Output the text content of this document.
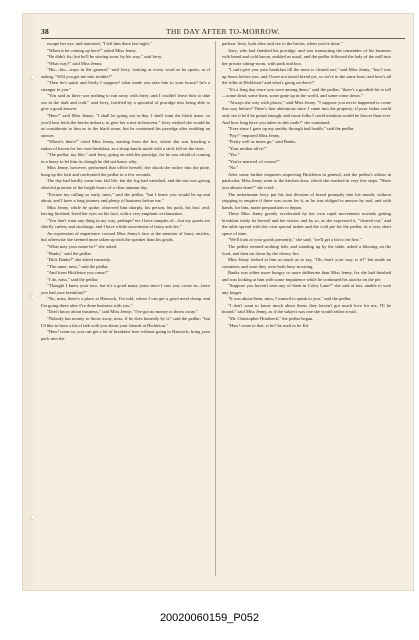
38	THE DAY AFTER TO-MORROW.

escape her eye, and muttered, "I left him there last night."

"When is he coming up here?" asked Miss Jenny.

"He didn't fix; but he'll be stirring soon, by his way," said Jerry.

"What way?" said Miss Jenny.

"His—his—ways in the general," said Jerry, looking at every word as he spoke, as if asking, "Will you get me into trouble?"

"Then he's quick and lively I suppose? what made you take him to your house? he's a stranger to you."

"You said as there was nothing to run away with there, and I couldn't leave him to take out in the dark and cold," said Jerry, fortified by a spoonful of porridge into being able to give a good answer.

"Haw!" said Miss Jenny; "I shall be going out to-day. I shall want the black mare, so you'd best fetch the bricks indoors, to give her a rest in between." Jerry wished she would be as considerate to him as to the black mare, but he continued his porridge after nodding an answer.

"Where's there?" cried Miss Jenny, starting from the fire, where she was frizzling a rasher of bacon for her own breakfast, as a sharp knock made with a stick fell on the door.

"The pedlar, my like," said Jerry, going on with his porridge, for he was afraid of coming in a hurry to let him in, though he did not know why.

Miss Jenny, however, performed that office herself; she shook the racker into the plate, hung up the fork and confronted the pedlar in a few seconds.

The day had hardly come into full life, but the fog had vanished, and the sun was giving cheerful promise of the bright hours of a clear autumn day.

"Excuse my calling so early, miss," said the pedlar, "but I knew you would be up and about, and I have a long journey and plenty of business before me."

Miss Jenny, while he spoke, observed him sharply, his person, his pack, his box; and, having finished, fixed her eyes on his face, with a very emphatic exclamation.

"You don't want any thing in my way, perhaps? tea I have samples of—but my goods are chiefly cutlery and stockings, and I have a little assortment of fancy articles."

An expression of impatience crossed Miss Jenny's face at the mention of fancy articles, but otherwise she seemed more taken up with the speaker than his goods.

"What may your name be?" she asked.

"Banks," said the pedlar.

"Dick Banks?" she asked earnestly.

"The same, miss," said the pedlar.

"And from Hickleton you come?"

"I do, miss," said the pedlar.

"Thought I knew your face, but it's a good many years since I saw you; come in—have you had your breakfast?"

"No, miss; there's a place at Hancock, I'm told, where I can get a good meal cheap, and I'm going there after I've done business with you."

"Don't know about business," said Miss Jenny; "I've got no money to throw away."

"Nobody has money to throw away, miss, if he does honestly by it," said the pedlar; "but I'd like to have a bit of talk with you about your friends at Hickleton."

"Haw! come in, you can get a bit of breakfast here without going to Hancock; bring your pack into the

parlour. Jerry, look alive and see to the bricks, when you've done."

Jerry, who had finished his porridge, and was transacting the remainder of his business with bread and cold bacon, nodded as usual, and the pedlar followed the lady of the mill into her private sitting-room, with pack and box.

"I can't give you your breakfast till the mess is cleared out," said Miss Jenny; "but I was up hours before you, and I have not tasted bread yet, so we're in the same boat; and how's all the folks at Hickleton? and what's going on there?"

"It's a long day since you were among them," said the pedlar; "there's a goodish bit to tell—some dead, some born, some gone up in the world, and some come down."

"Always the way with places," said Miss Jenny. "I suppose you never happened to come this way before? There's fine alterations since I came into the property; if poor father could only see it he'd be proud enough, and some folks I could mention would be fiercer than ever. And how long have you taken to this trade?" she continued.

"Ever since I gave up my smithy through bad health," said the pedlar.

"Pay?" enquired Miss Jenny.

"Pretty well as times go," said Banks.

"Your mother alive?"

"Yes."

"You're married, of course?"

"No."

After some further enquiries respecting Hickleton in general, and the pedlar's affairs in particular, Miss Jenny went to the kitchen door, which she reached in very few steps. "Have you almost done?" she cried.

The unfortunate Jerry put his last division of bread promptly into his mouth, without stopping to enquire if there was room for it, as he was obliged to answer by nod, and with hands, for him, made preparations to depart.

These Miss Jenny greatly accelerated by her own rapid movements towards getting breakfast ready for herself and her visitor, and by so, as she expressed it, "cleared out," and the table spread with her own special rasher and the cold pie for the pedlar, in a very short space of time.

"We'll look at your goods presently," she said; "we'll get a bit to eat first."

The pedlar seemed nothing loth, and standing up by the table, asked a blessing on the food, and then sat down by the cheery fire.

Miss Jenny looked at him as much as to say, "Oh, that's your way, is it?" but made no comment, and soon they were both busy in eating.

Banks was either more hungry or more deliberate than Miss Jenny, for she had finished and was looking at him with some impatience while he continued his attacks on the pie.

"Suppose you haven't seen any of them in Coley Lane?" she said at last, unable to wait any longer.

"It was about them, miss, I wanted to speak to you," said the pedlar.

"I don't want to know much about them; they haven't got much love for me, I'll be bound," said Miss Jenny, as if the subject was one she would rather avoid.

"Mr. Christopher Hornbeck," the pedlar began.

"Haw! come to that, is he? he used to be Kit

20020060159_P052
